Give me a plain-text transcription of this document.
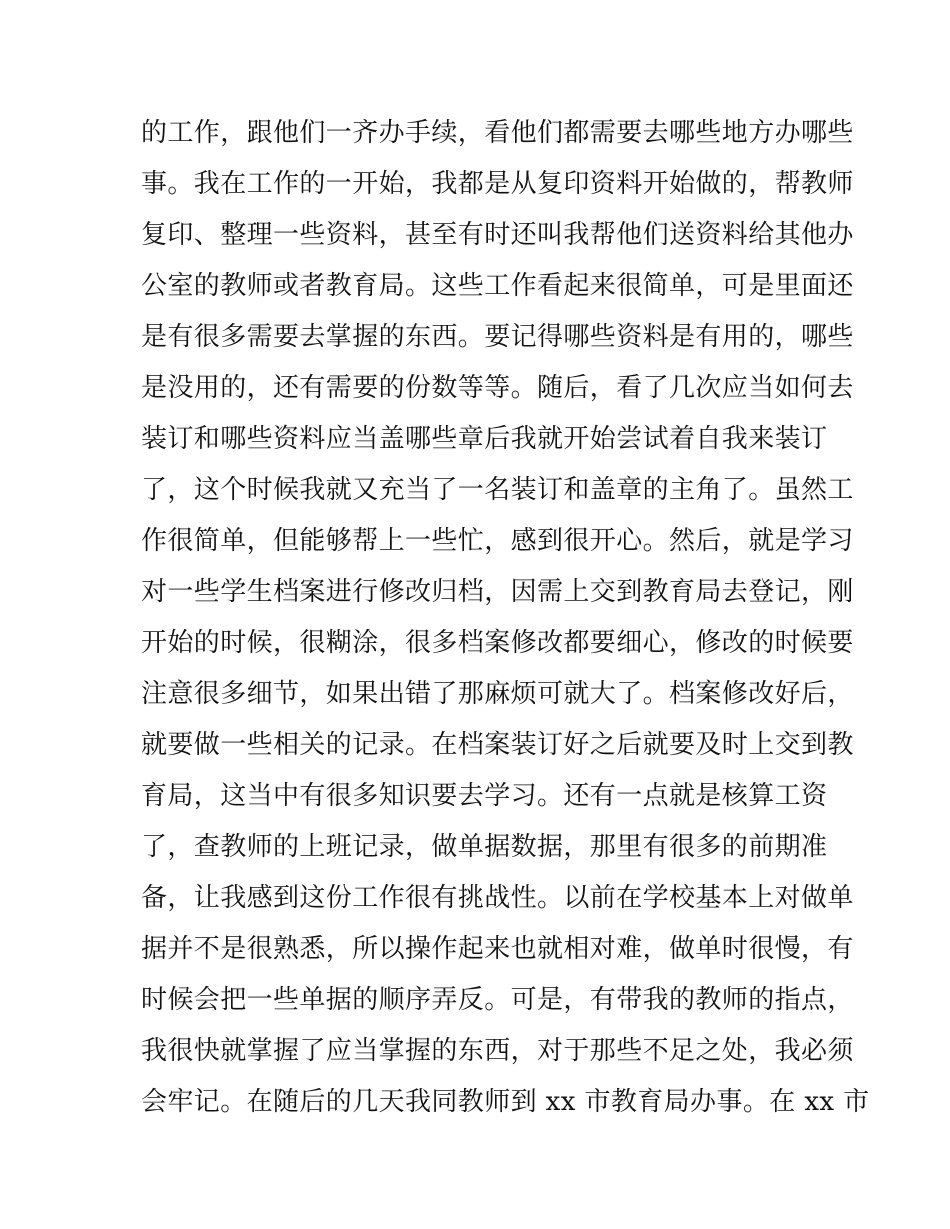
的工作，跟他们一齐办手续，看他们都需要去哪些地方办哪些
事。我在工作的一开始，我都是从复印资料开始做的，帮教师
复印、整理一些资料，甚至有时还叫我帮他们送资料给其他办
公室的教师或者教育局。这些工作看起来很简单，可是里面还
是有很多需要去掌握的东西。要记得哪些资料是有用的，哪些
是没用的，还有需要的份数等等。随后，看了几次应当如何去
装订和哪些资料应当盖哪些章后我就开始尝试着自我来装订
了，这个时候我就又充当了一名装订和盖章的主角了。虽然工
作很简单，但能够帮上一些忙，感到很开心。然后，就是学习
对一些学生档案进行修改归档，因需上交到教育局去登记，刚
开始的时候，很糊涂，很多档案修改都要细心，修改的时候要
注意很多细节，如果出错了那麻烦可就大了。档案修改好后，
就要做一些相关的记录。在档案装订好之后就要及时上交到教
育局，这当中有很多知识要去学习。还有一点就是核算工资
了，查教师的上班记录，做单据数据，那里有很多的前期准
备，让我感到这份工作很有挑战性。以前在学校基本上对做单
据并不是很熟悉，所以操作起来也就相对难，做单时很慢，有
时候会把一些单据的顺序弄反。可是，有带我的教师的指点，
我很快就掌握了应当掌握的东西，对于那些不足之处，我必须
会牢记。在随后的几天我同教师到 xx 市教育局办事。在 xx 市
